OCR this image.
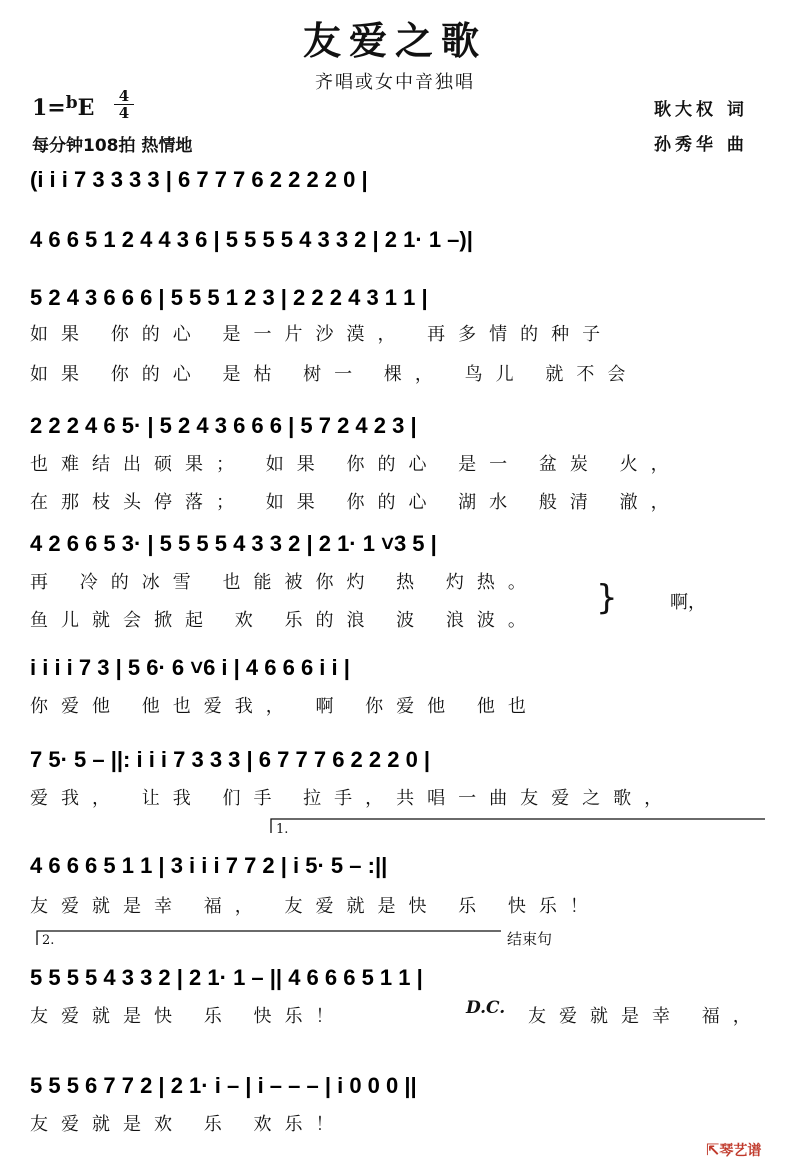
友爱之歌
齐唱或女中音独唱
1=$^b$E	4
4
每分钟108拍 热情地
耿大权 词
孙秀华 曲
(i i i 7 3 3 3 3 | 6 7 7 7 6 2 2 2 2 0 |
4 6 6 5 1 2 4 4 3 6 | 5 5 5 5 4 3 3 2 | 2 1· 1 –)|
5 2 4 3 6 6 6 | 5 5 5 1 2 3 | 2 2 2 4 3 1 1 |
如果 你的心 是一片沙漠， 再多情的种子
如果 你的心 是枯 树一 棵， 鸟儿 就不会
2 2 2 4 6 5· | 5 2 4 3 6 6 6 | 5 7 2 4 2 3 |
也难结出硕果； 如果 你的心 是一 盆炭 火，
在那枝头停落； 如果 你的心 湖水 般清 澈，
4 2 6 6 5 3· | 5 5 5 5 4 3 3 2 | 2 1· 1 ˅3 5 |
再 冷的冰雪 也能被你灼 热 灼热。
鱼儿就会掀起 欢 乐的浪 波 浪波。
}	啊，
i i i i 7 3 | 5 6· 6 ˅6 i | 4 6 6 6 i i |
你爱他 他也爱我， 啊 你爱他 他也
7 5· 5 – ||: i i i 7 3 3 3 | 6 7 7 7 6 2 2 2 0 |
爱我， 让我 们手 拉手，共唱一曲友爱之歌，
1.
4 6 6 6 5 1 1 | 3 i i i 7 7 2 | i 5· 5 – :||
友爱就是幸 福， 友爱就是快 乐 快乐！
2.	结束句
5 5 5 5 4 3 3 2 | 2 1· 1 – || 4 6 6 6 5 1 1 |
友爱就是快 乐 快乐！	友爱就是幸 福，
D.C.
5 5 5 6 7 7 2 | 2 1· i – | i – – – | i 0 0 0 ||
友爱就是欢 乐 欢乐！
⇱琴艺谱
